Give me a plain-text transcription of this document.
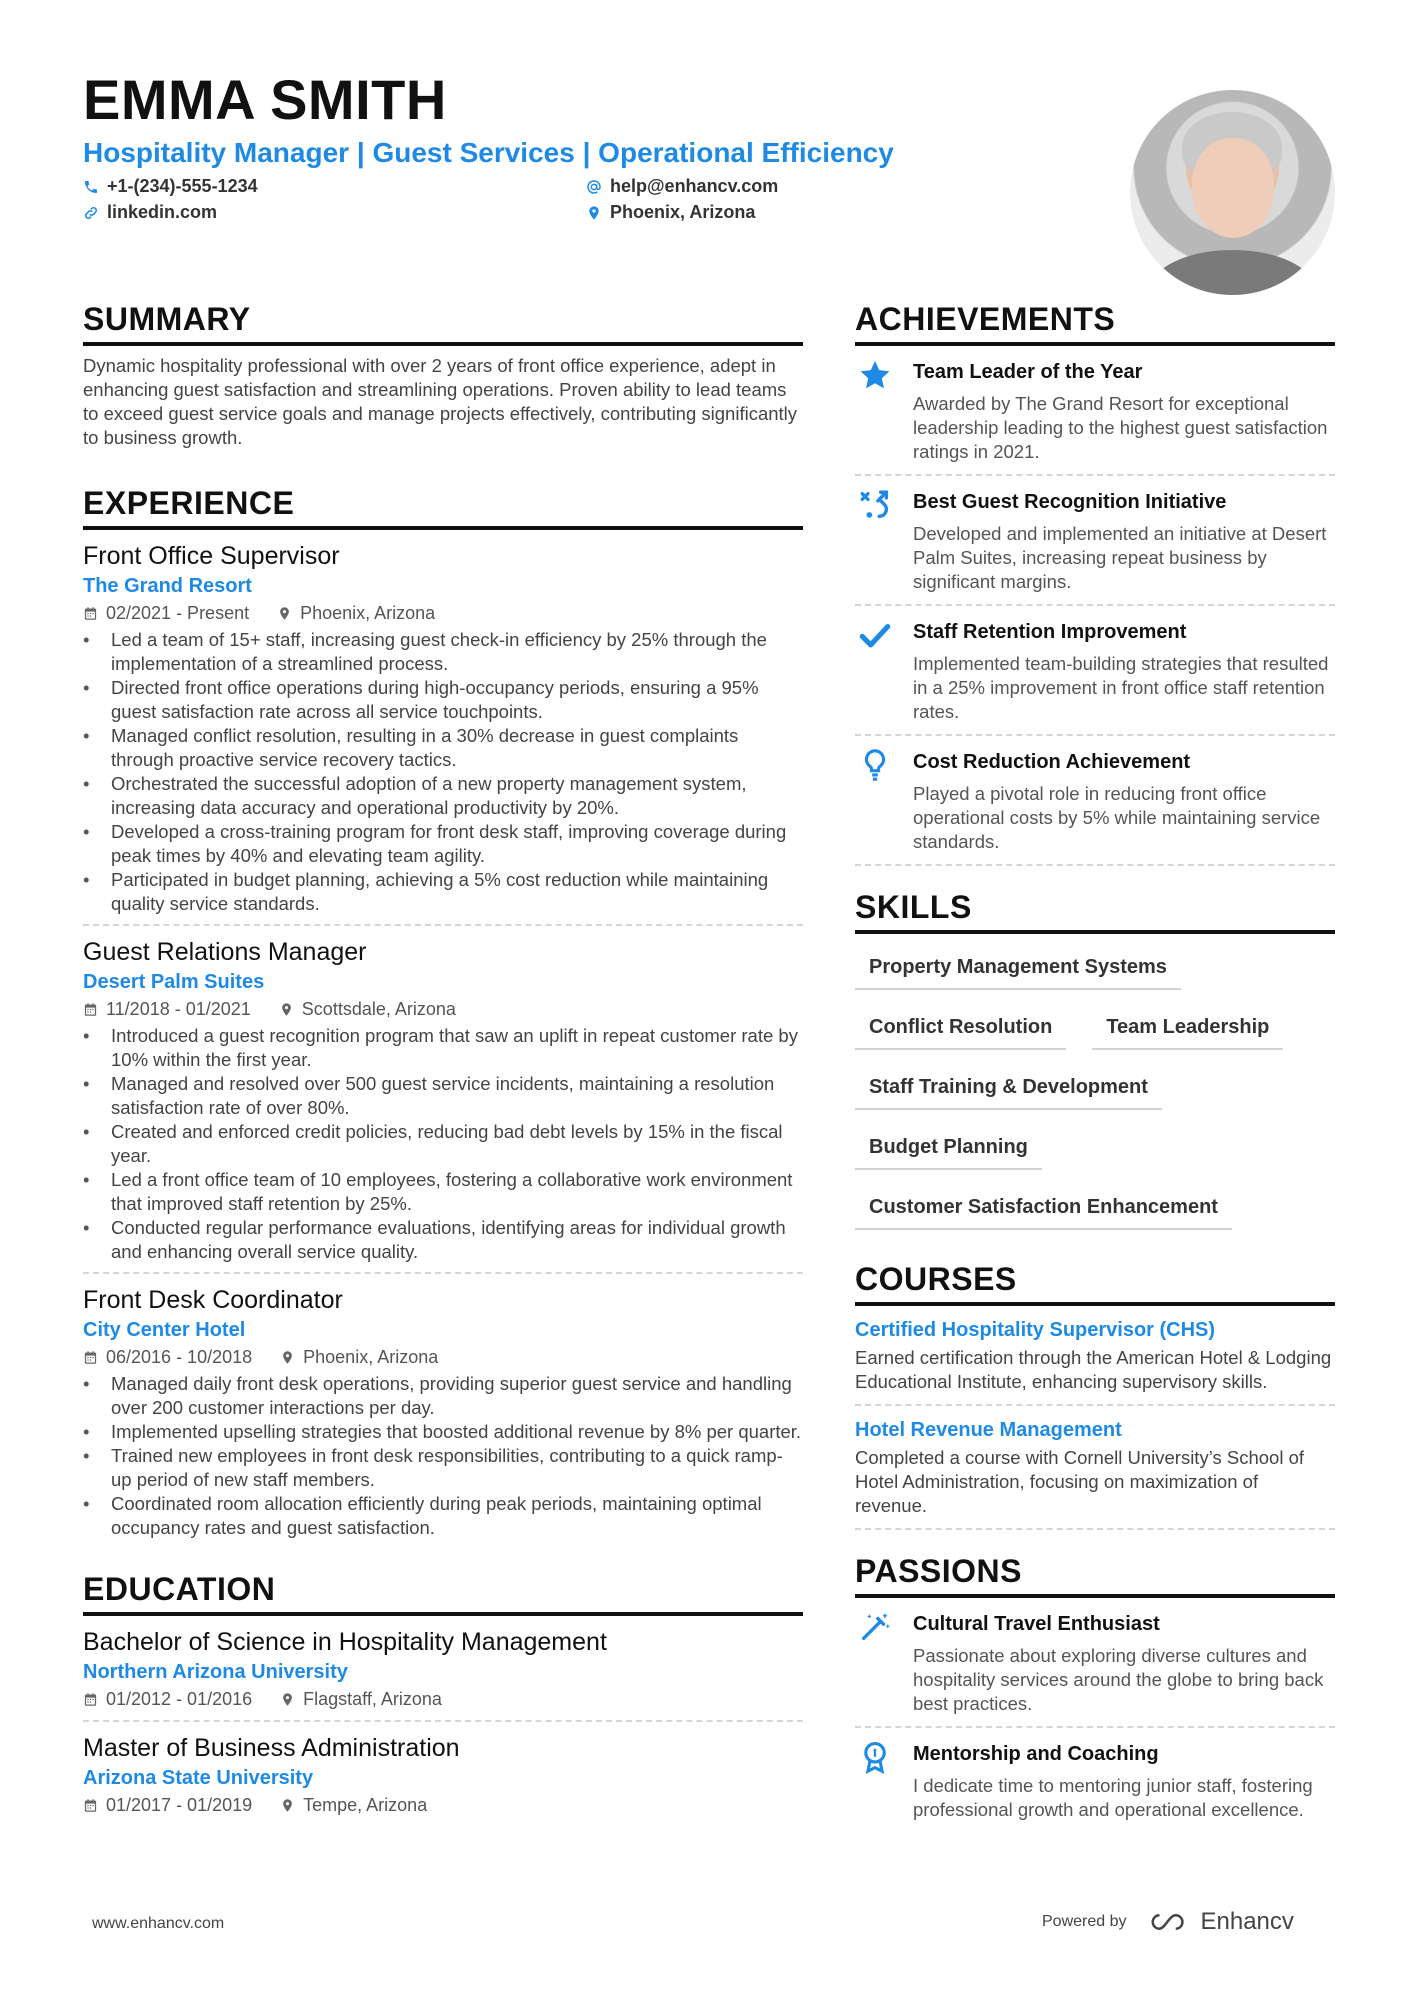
EMMA SMITH
Hospitality Manager | Guest Services | Operational Efficiency
+1-(234)-555-1234
linkedin.com
help@enhancv.com
Phoenix, Arizona
SUMMARY

Dynamic hospitality professional with over 2 years of front office experience, adept in enhancing guest satisfaction and streamlining operations. Proven ability to lead teams to exceed guest service goals and manage projects effectively, contributing significantly to business growth.

EXPERIENCE
Front Office Supervisor
The Grand Resort
02/2021 - Present	Phoenix, Arizona
• Led a team of 15+ staff, increasing guest check-in efficiency by 25% through the implementation of a streamlined process.
• Directed front office operations during high-occupancy periods, ensuring a 95% guest satisfaction rate across all service touchpoints.
• Managed conflict resolution, resulting in a 30% decrease in guest complaints through proactive service recovery tactics.
• Orchestrated the successful adoption of a new property management system, increasing data accuracy and operational productivity by 20%.
• Developed a cross-training program for front desk staff, improving coverage during peak times by 40% and elevating team agility.
• Participated in budget planning, achieving a 5% cost reduction while maintaining quality service standards.
Guest Relations Manager
Desert Palm Suites
11/2018 - 01/2021	Scottsdale, Arizona
• Introduced a guest recognition program that saw an uplift in repeat customer rate by 10% within the first year.
• Managed and resolved over 500 guest service incidents, maintaining a resolution satisfaction rate of over 80%.
• Created and enforced credit policies, reducing bad debt levels by 15% in the fiscal year.
• Led a front office team of 10 employees, fostering a collaborative work environment that improved staff retention by 25%.
• Conducted regular performance evaluations, identifying areas for individual growth and enhancing overall service quality.
Front Desk Coordinator
City Center Hotel
06/2016 - 10/2018	Phoenix, Arizona
• Managed daily front desk operations, providing superior guest service and handling over 200 customer interactions per day.
• Implemented upselling strategies that boosted additional revenue by 8% per quarter.
• Trained new employees in front desk responsibilities, contributing to a quick ramp-up period of new staff members.
• Coordinated room allocation efficiently during peak periods, maintaining optimal occupancy rates and guest satisfaction.
EDUCATION
Bachelor of Science in Hospitality Management
Northern Arizona University
01/2012 - 01/2016	Flagstaff, Arizona
Master of Business Administration
Arizona State University
01/2017 - 01/2019	Tempe, Arizona
ACHIEVEMENTS
Team Leader of the Year
Awarded by The Grand Resort for exceptional leadership leading to the highest guest satisfaction ratings in 2021.
Best Guest Recognition Initiative
Developed and implemented an initiative at Desert Palm Suites, increasing repeat business by significant margins.
Staff Retention Improvement
Implemented team-building strategies that resulted in a 25% improvement in front office staff retention rates.
Cost Reduction Achievement
Played a pivotal role in reducing front office operational costs by 5% while maintaining service standards.
SKILLS
Property Management Systems
Conflict Resolution	Team Leadership
Staff Training & Development
Budget Planning
Customer Satisfaction Enhancement
COURSES
Certified Hospitality Supervisor (CHS)
Earned certification through the American Hotel & Lodging Educational Institute, enhancing supervisory skills.
Hotel Revenue Management
Completed a course with Cornell University’s School of Hotel Administration, focusing on maximization of revenue.
PASSIONS
Cultural Travel Enthusiast
Passionate about exploring diverse cultures and hospitality services around the globe to bring back best practices.
Mentorship and Coaching
I dedicate time to mentoring junior staff, fostering professional growth and operational excellence.
www.enhancv.com	Powered by	Enhancv
